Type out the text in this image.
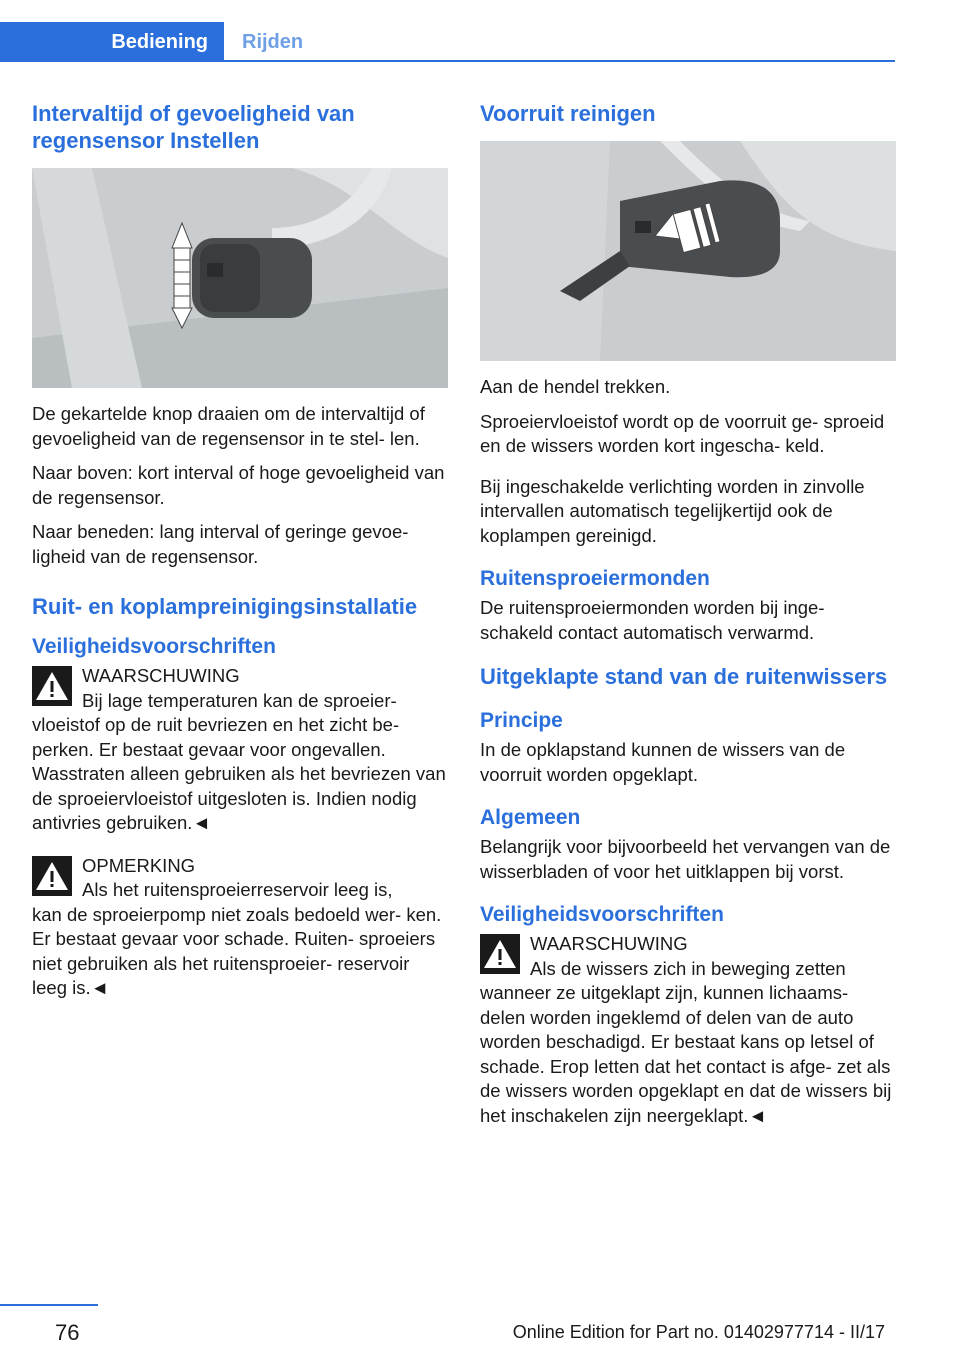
Bediening	Rijden
Intervaltijd of gevoeligheid van regensensor Instellen

De gekartelde knop draaien om de intervaltijd of gevoeligheid van de regensensor in te stel- len.

Naar boven: kort interval of hoge gevoeligheid van de regensensor.

Naar beneden: lang interval of geringe gevoe- ligheid van de regensensor.

Ruit- en koplampreinigingsinstallatie
Veiligheidsvoorschriften
WAARSCHUWING
Bij lage temperaturen kan de sproeier-
vloeistof op de ruit bevriezen en het zicht be- perken. Er bestaat gevaar voor ongevallen. Wasstraten alleen gebruiken als het bevriezen van de sproeiervloeistof uitgesloten is. Indien nodig antivries gebruiken.◄
OPMERKING
Als het ruitensproeierreservoir leeg is,
kan de sproeierpomp niet zoals bedoeld wer- ken. Er bestaat gevaar voor schade. Ruiten- sproeiers niet gebruiken als het ruitensproeier- reservoir leeg is.◄
Voorruit reinigen

Aan de hendel trekken.

Sproeiervloeistof wordt op de voorruit ge- sproeid en de wissers worden kort ingescha- keld.

Bij ingeschakelde verlichting worden in zinvolle intervallen automatisch tegelijkertijd ook de koplampen gereinigd.

Ruitensproeiermonden

De ruitensproeiermonden worden bij inge- schakeld contact automatisch verwarmd.

Uitgeklapte stand van de ruitenwissers
Principe

In de opklapstand kunnen de wissers van de voorruit worden opgeklapt.

Algemeen

Belangrijk voor bijvoorbeeld het vervangen van de wisserbladen of voor het uitklappen bij vorst.

Veiligheidsvoorschriften
WAARSCHUWING
Als de wissers zich in beweging zetten
wanneer ze uitgeklapt zijn, kunnen lichaams- delen worden ingeklemd of delen van de auto worden beschadigd. Er bestaat kans op letsel of schade. Erop letten dat het contact is afge- zet als de wissers worden opgeklapt en dat de wissers bij het inschakelen zijn neergeklapt.◄
76	Online Edition for Part no. 01402977714 - II/17
